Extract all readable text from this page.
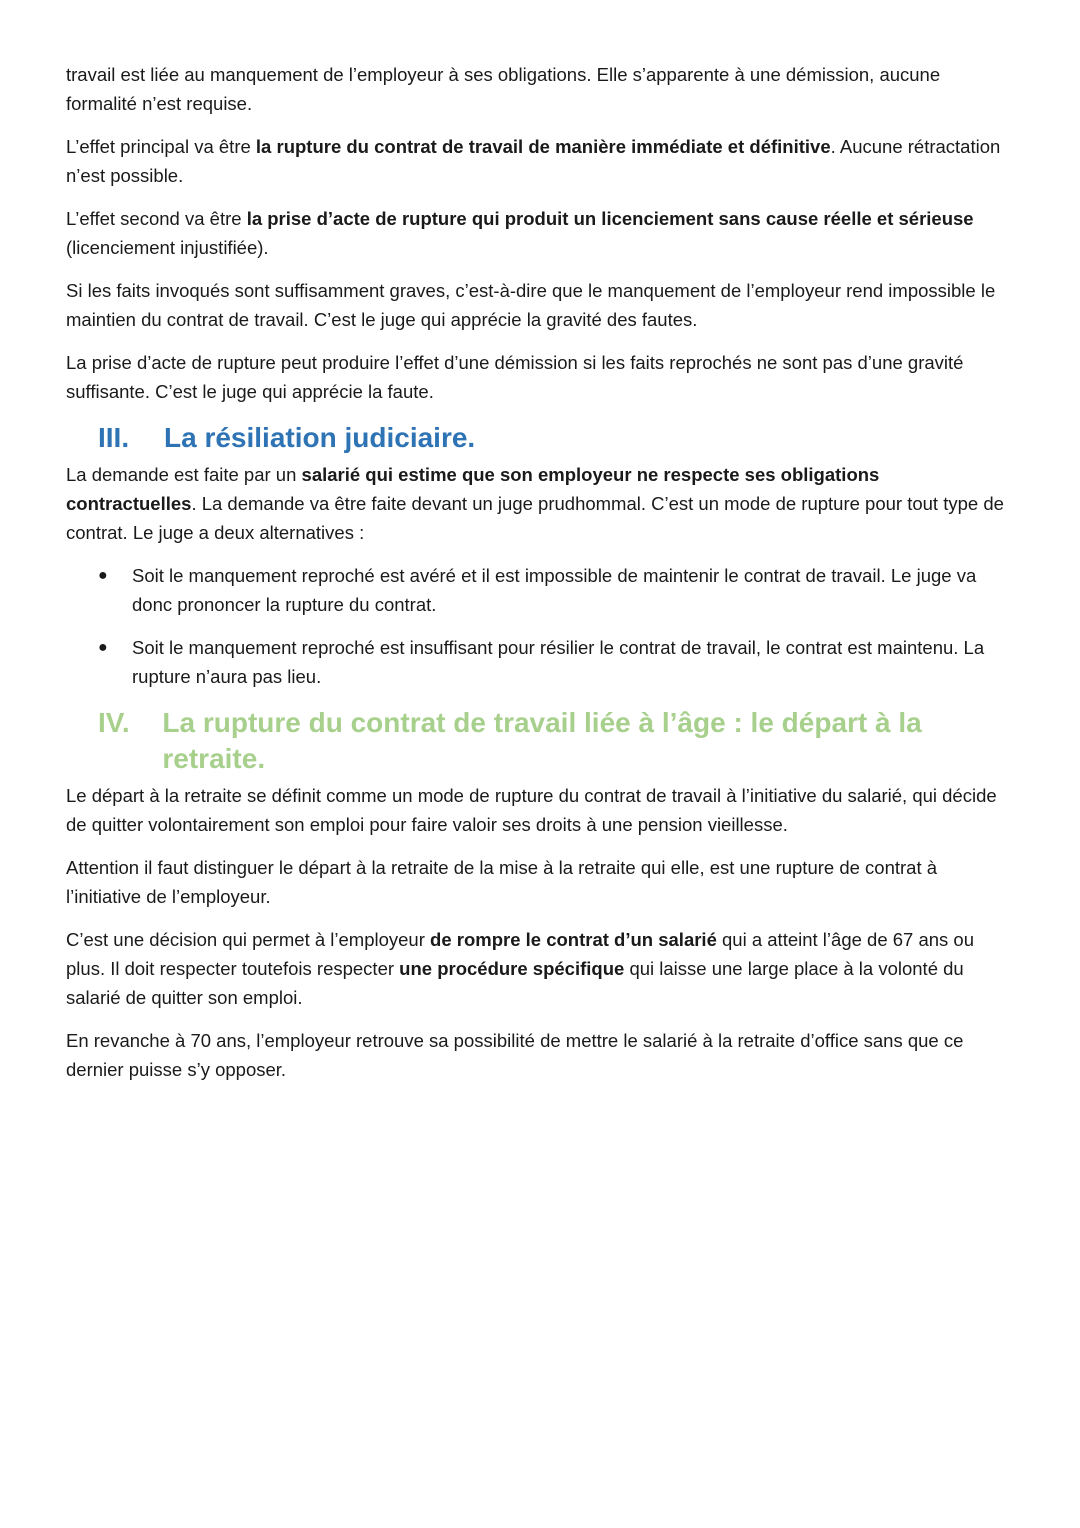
travail est liée au manquement de l’employeur à ses obligations. Elle s’apparente à une démission, aucune formalité n’est requise.

L’effet principal va être la rupture du contrat de travail de manière immédiate et définitive. Aucune rétractation n’est possible.

L’effet second va être la prise d’acte de rupture qui produit un licenciement sans cause réelle et sérieuse (licenciement injustifiée).

Si les faits invoqués sont suffisamment graves, c’est-à-dire que le manquement de l’employeur rend impossible le maintien du contrat de travail. C’est le juge qui apprécie la gravité des fautes.

La prise d’acte de rupture peut produire l’effet d’une démission si les faits reprochés ne sont pas d’une gravité suffisante. C’est le juge qui apprécie la faute.

III.	La résiliation judiciaire.

La demande est faite par un salarié qui estime que son employeur ne respecte ses obligations contractuelles. La demande va être faite devant un juge prudhommal. C’est un mode de rupture pour tout type de contrat. Le juge a deux alternatives :

● Soit le manquement reproché est avéré et il est impossible de maintenir le contrat de travail. Le juge va donc prononcer la rupture du contrat.
● Soit le manquement reproché est insuffisant pour résilier le contrat de travail, le contrat est maintenu. La rupture n’aura pas lieu.
IV.	La rupture du contrat de travail liée à l’âge : le départ à la retraite.

Le départ à la retraite se définit comme un mode de rupture du contrat de travail à l’initiative du salarié, qui décide de quitter volontairement son emploi pour faire valoir ses droits à une pension vieillesse.

Attention il faut distinguer le départ à la retraite de la mise à la retraite qui elle, est une rupture de contrat à l’initiative de l’employeur.

C’est une décision qui permet à l’employeur de rompre le contrat d’un salarié qui a atteint l’âge de 67 ans ou plus. Il doit respecter toutefois respecter une procédure spécifique qui laisse une large place à la volonté du salarié de quitter son emploi.

En revanche à 70 ans, l’employeur retrouve sa possibilité de mettre le salarié à la retraite d’office sans que ce dernier puisse s’y opposer.
